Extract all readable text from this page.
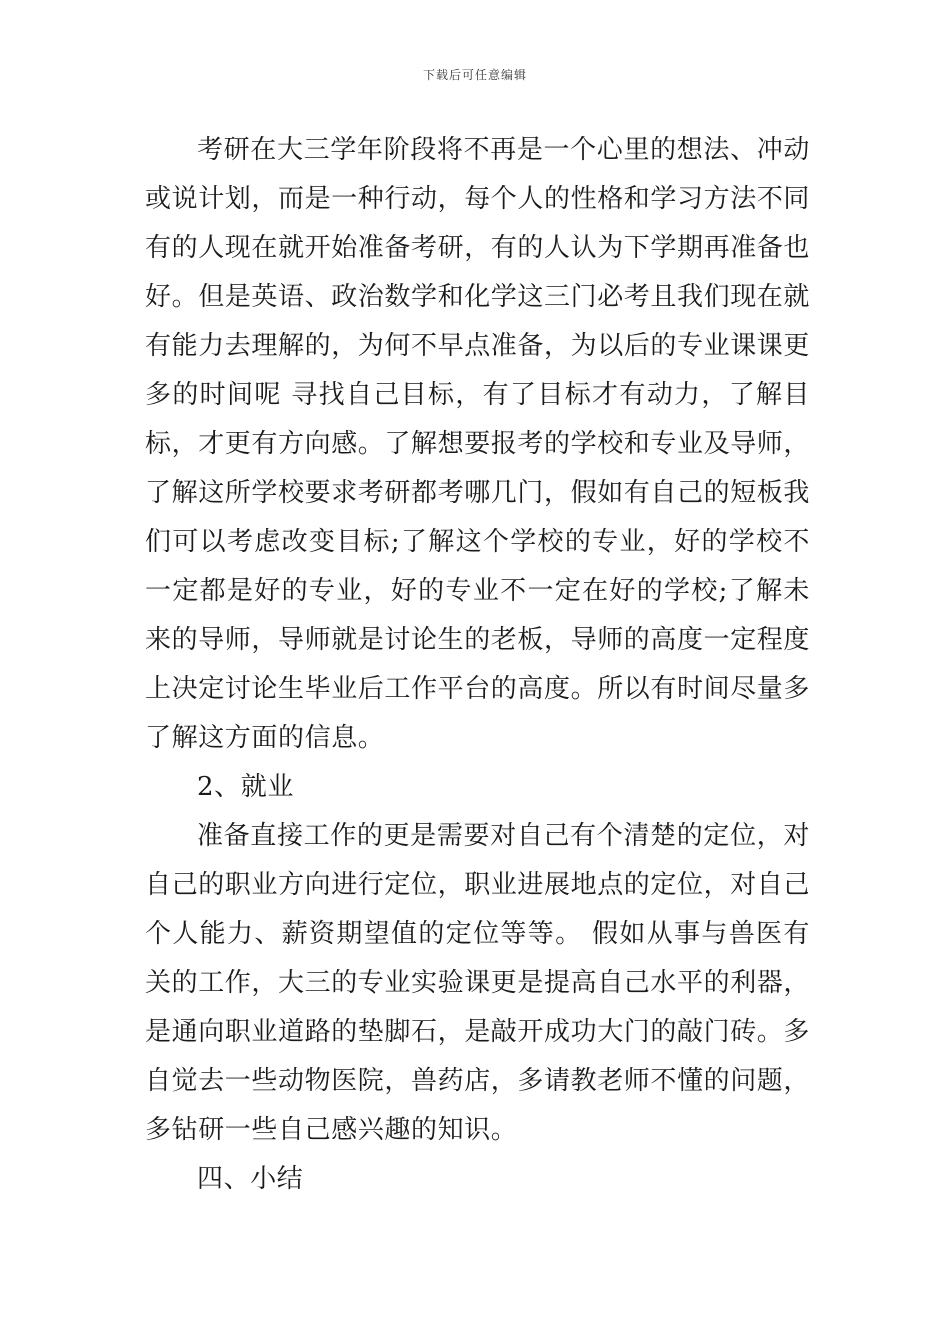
下载后可任意编辑

考研在大三学年阶段将不再是一个心里的想法、冲动或说计划，而是一种行动，每个人的性格和学习方法不同有的人现在就开始准备考研，有的人认为下学期再准备也好。但是英语、政治数学和化学这三门必考且我们现在就有能力去理解的，为何不早点准备，为以后的专业课课更多的时间呢 寻找自己目标，有了目标才有动力，了解目标，才更有方向感。了解想要报考的学校和专业及导师，了解这所学校要求考研都考哪几门，假如有自己的短板我们可以考虑改变目标;了解这个学校的专业，好的学校不一定都是好的专业，好的专业不一定在好的学校;了解未来的导师，导师就是讨论生的老板，导师的高度一定程度上决定讨论生毕业后工作平台的高度。所以有时间尽量多了解这方面的信息。

2、就业

准备直接工作的更是需要对自己有个清楚的定位，对自己的职业方向进行定位，职业进展地点的定位，对自己个人能力、薪资期望值的定位等等。 假如从事与兽医有关的工作，大三的专业实验课更是提高自己水平的利器，是通向职业道路的垫脚石，是敲开成功大门的敲门砖。多自觉去一些动物医院，兽药店，多请教老师不懂的问题，多钻研一些自己感兴趣的知识。

四、小结
